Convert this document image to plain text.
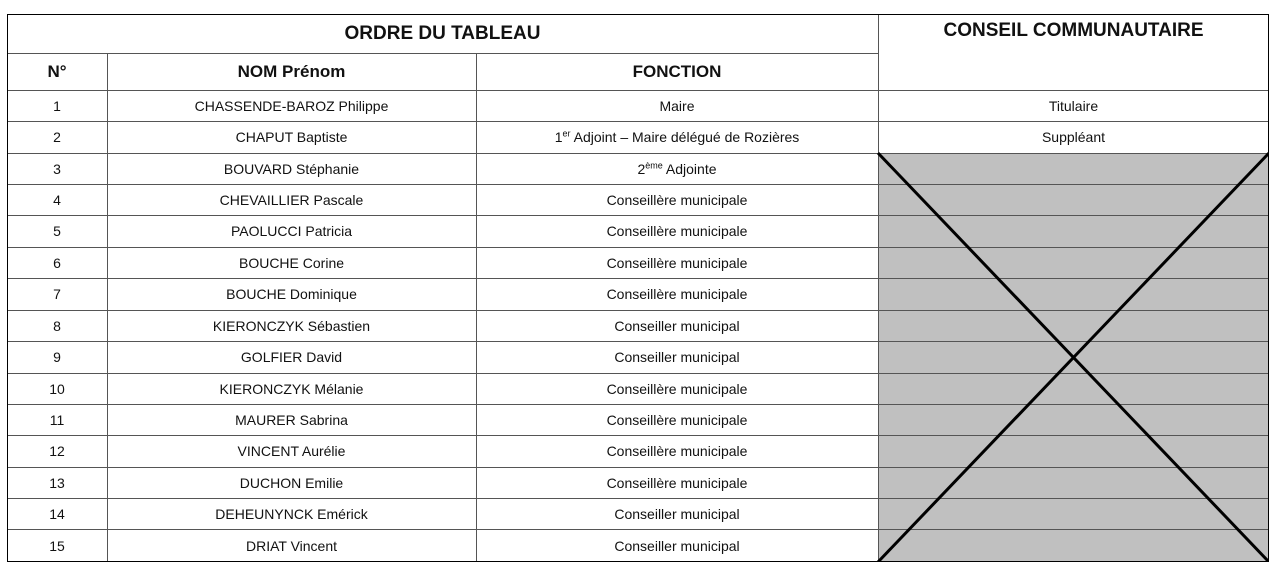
ORDRE DU TABLEAU	CONSEIL COMMUNAUTAIRE
N°	NOM Prénom	FONCTION
1	CHASSENDE-BAROZ Philippe	Maire	Titulaire
2	CHAPUT Baptiste	1er Adjoint – Maire délégué de Rozières	Suppléant
3	BOUVARD Stéphanie	2ème Adjointe
4	CHEVAILLIER Pascale	Conseillère municipale
5	PAOLUCCI Patricia	Conseillère municipale
6	BOUCHE Corine	Conseillère municipale
7	BOUCHE Dominique	Conseillère municipale
8	KIERONCZYK Sébastien	Conseiller municipal
9	GOLFIER David	Conseiller municipal
10	KIERONCZYK Mélanie	Conseillère municipale
11	MAURER Sabrina	Conseillère municipale
12	VINCENT Aurélie	Conseillère municipale
13	DUCHON Emilie	Conseillère municipale
14	DEHEUNYNCK Emérick	Conseiller municipal
15	DRIAT Vincent	Conseiller municipal
